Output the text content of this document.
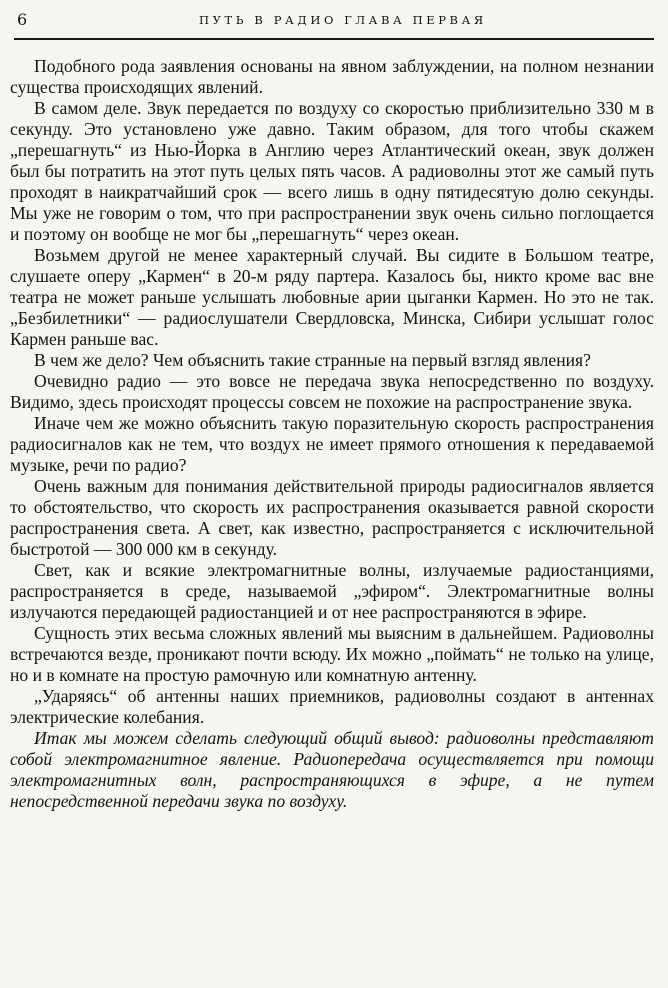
6	ПУТЬ В РАДИО ГЛАВА ПЕРВАЯ

Подобного рода заявления основаны на явном заблуждении, на полном незнании существа происходящих явлений.

В самом деле. Звук передается по воздуху со скоростью приблизительно 330 м в секунду. Это установлено уже давно. Таким образом, для того чтобы скажем „перешагнуть“ из Нью-Йорка в Англию через Атлантический океан, звук должен был бы потратить на этот путь целых пять часов. А радиоволны этот же самый путь проходят в наикратчайший срок — всего лишь в одну пятидесятую долю секунды. Мы уже не говорим о том, что при распространении звук очень сильно поглощается и поэтому он вообще не мог бы „перешагнуть“ через океан.

Возьмем другой не менее характерный случай. Вы сидите в Большом театре, слушаете оперу „Кармен“ в 20-м ряду партера. Казалось бы, никто кроме вас вне театра не может раньше услышать любовные арии цыганки Кармен. Но это не так. „Безбилетники“ — радиослушатели Свердловска, Минска, Сибири услышат голос Кармен раньше вас.

В чем же дело? Чем объяснить такие странные на первый взгляд явления?

Очевидно радио — это вовсе не передача звука непосредственно по воздуху. Видимо, здесь происходят процессы совсем не похожие на распространение звука.

Иначе чем же можно объяснить такую поразительную скорость распространения радиосигналов как не тем, что воздух не имеет прямого отношения к передаваемой музыке, речи по радио?

Очень важным для понимания действительной природы радиосигналов является то обстоятельство, что скорость их распространения оказывается равной скорости распространения света. А свет, как известно, распространяется с исключительной быстротой — 300 000 км в секунду.

Свет, как и всякие электромагнитные волны, излучаемые радиостанциями, распространяется в среде, называемой „эфиром“. Электромагнитные волны излучаются передающей радиостанцией и от нее распространяются в эфире.

Сущность этих весьма сложных явлений мы выясним в дальнейшем. Радиоволны встречаются везде, проникают почти всюду. Их можно „поймать“ не только на улице, но и в комнате на простую рамочную или комнатную антенну.

„Ударяясь“ об антенны наших приемников, радиоволны создают в антеннах электрические колебания.

Итак мы можем сделать следующий общий вывод: радиоволны представляют собой электромагнитное явление. Радиопередача осуществляется при помощи электромагнитных волн, распространяющихся в эфире, а не путем непосредственной передачи звука по воздуху.
